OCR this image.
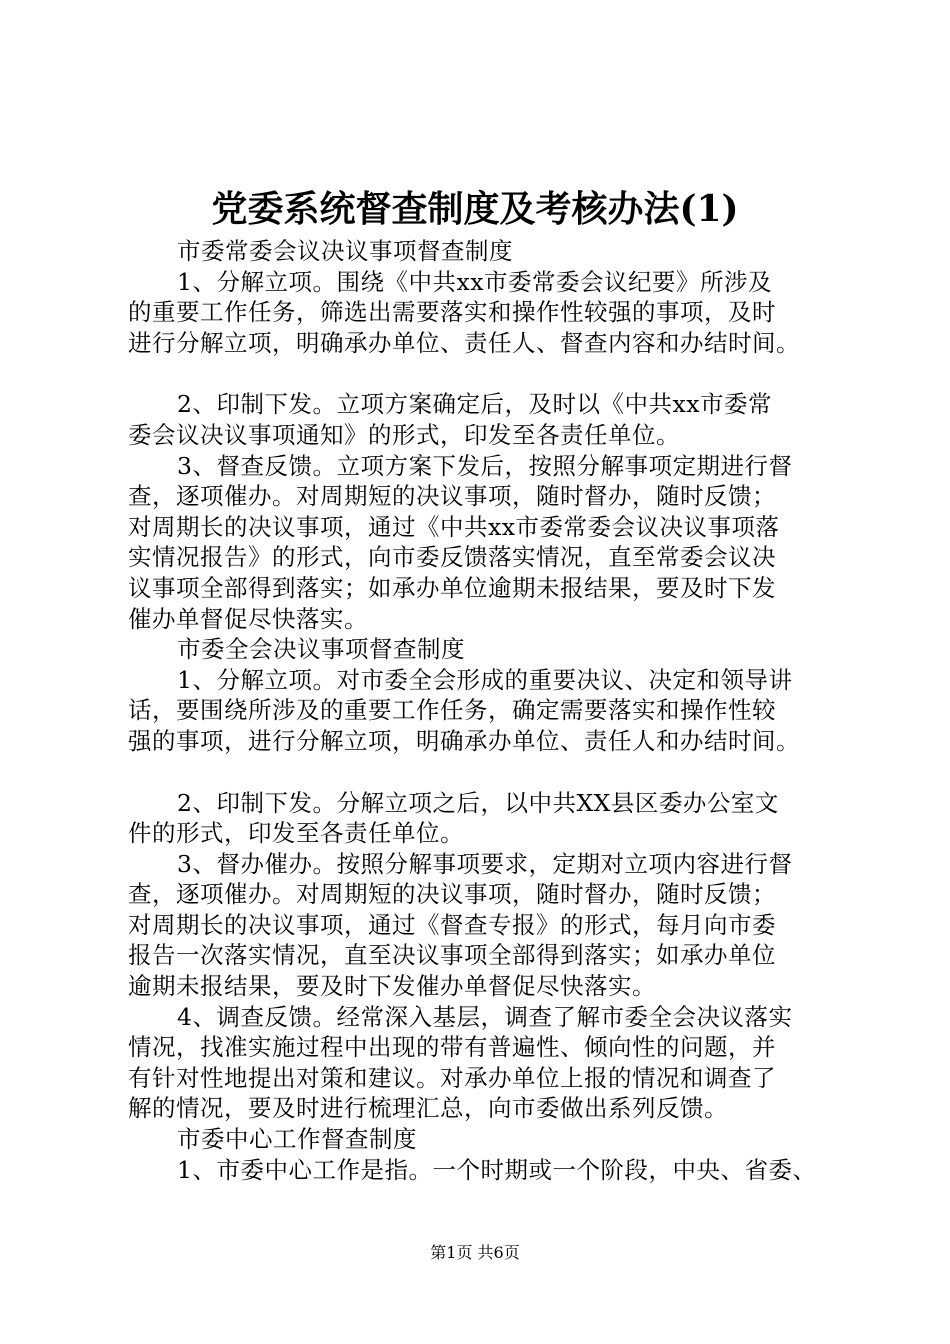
党委系统督查制度及考核办法(1)
市委常委会议决议事项督查制度
1、分解立项。围绕《中共xx市委常委会议纪要》所涉及
的重要工作任务，筛选出需要落实和操作性较强的事项，及时
进行分解立项，明确承办单位、责任人、督查内容和办结时间。
2、印制下发。立项方案确定后，及时以《中共xx市委常
委会议决议事项通知》的形式，印发至各责任单位。
3、督查反馈。立项方案下发后，按照分解事项定期进行督
查，逐项催办。对周期短的决议事项，随时督办，随时反馈；
对周期长的决议事项，通过《中共xx市委常委会议决议事项落
实情况报告》的形式，向市委反馈落实情况，直至常委会议决
议事项全部得到落实；如承办单位逾期未报结果，要及时下发
催办单督促尽快落实。
市委全会决议事项督查制度
1、分解立项。对市委全会形成的重要决议、决定和领导讲
话，要围绕所涉及的重要工作任务，确定需要落实和操作性较
强的事项，进行分解立项，明确承办单位、责任人和办结时间。
2、印制下发。分解立项之后，以中共XX县区委办公室文
件的形式，印发至各责任单位。
3、督办催办。按照分解事项要求，定期对立项内容进行督
查，逐项催办。对周期短的决议事项，随时督办，随时反馈；
对周期长的决议事项，通过《督查专报》的形式，每月向市委
报告一次落实情况，直至决议事项全部得到落实；如承办单位
逾期未报结果，要及时下发催办单督促尽快落实。
4、调查反馈。经常深入基层，调查了解市委全会决议落实
情况，找准实施过程中出现的带有普遍性、倾向性的问题，并
有针对性地提出对策和建议。对承办单位上报的情况和调查了
解的情况，要及时进行梳理汇总，向市委做出系列反馈。
市委中心工作督查制度
1、市委中心工作是指。一个时期或一个阶段，中央、省委、
第1页 共6页
